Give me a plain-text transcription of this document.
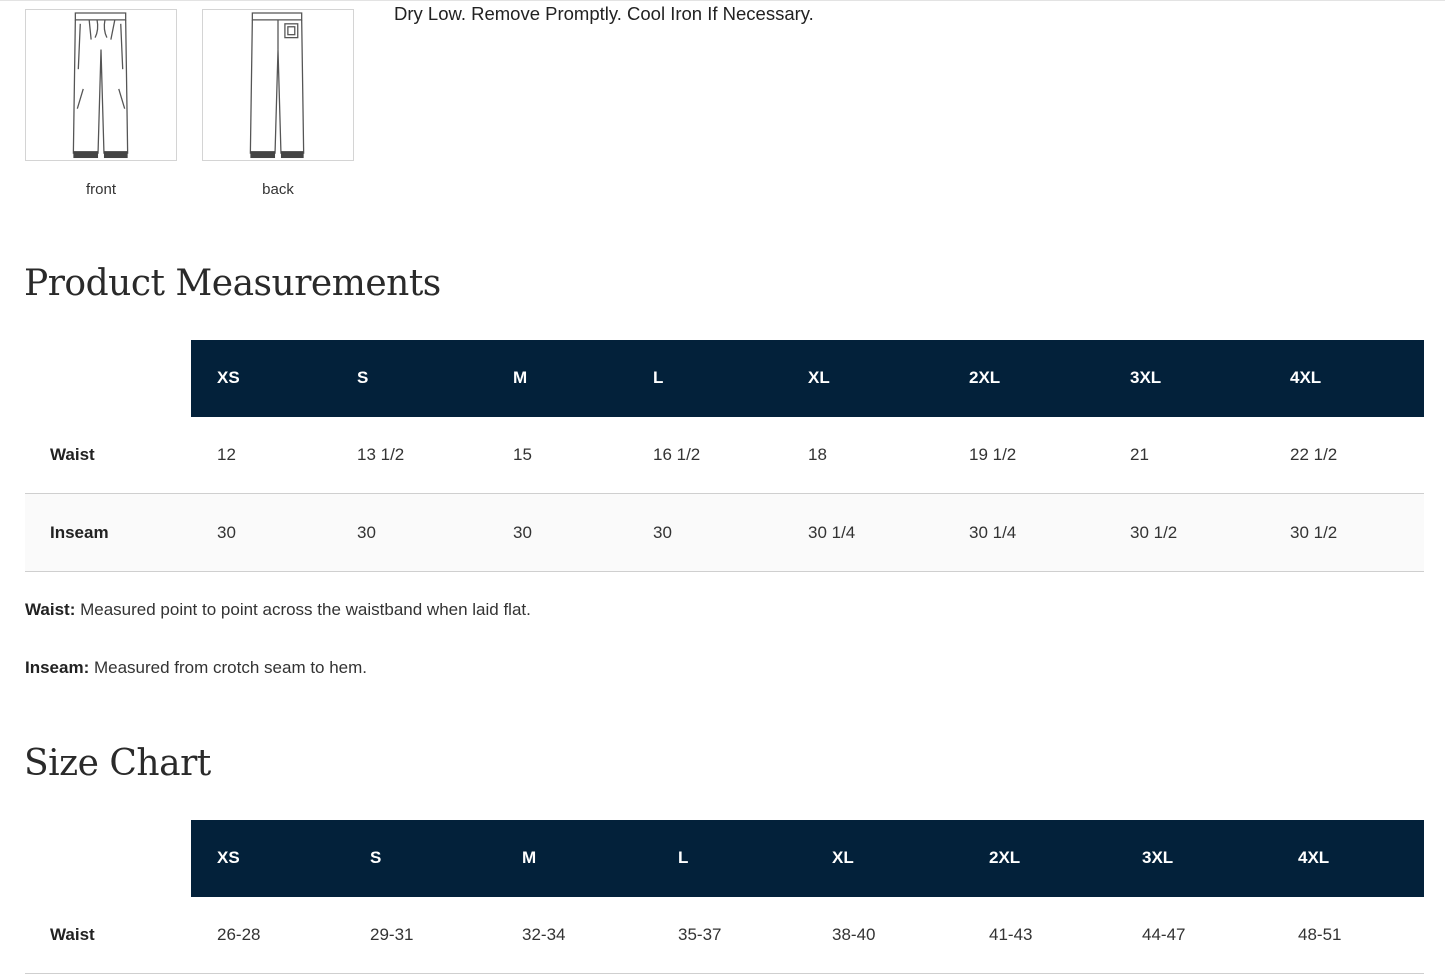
front	back
Dry Low. Remove Promptly. Cool Iron If Necessary.
Product Measurements
XS	S	M	L	XL	2XL	3XL	4XL
Waist	12	13 1/2	15	16 1/2	18	19 1/2	21	22 1/2
Inseam	30	30	30	30	30 1/4	30 1/4	30 1/2	30 1/2
Waist: Measured point to point across the waistband when laid flat.
Inseam: Measured from crotch seam to hem.
Size Chart
XS	S	M	L	XL	2XL	3XL	4XL
Waist	26-28	29-31	32-34	35-37	38-40	41-43	44-47	48-51
